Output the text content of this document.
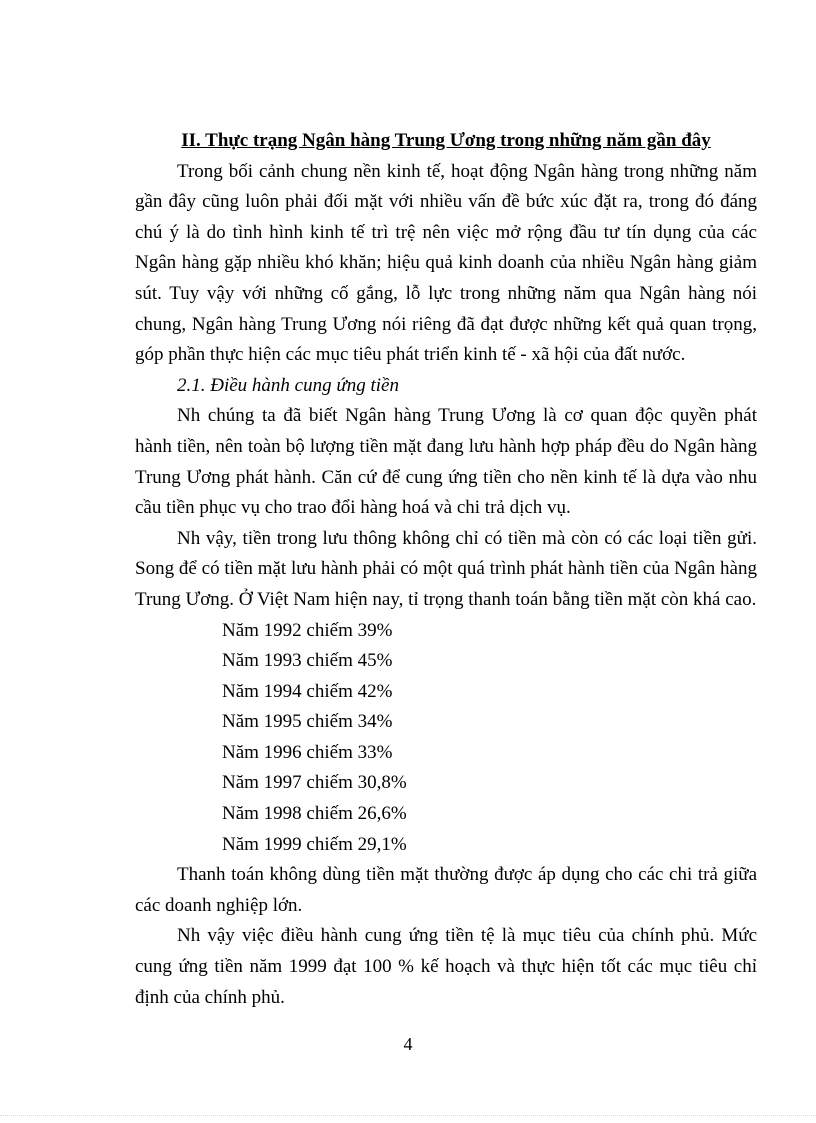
II. Thực trạng Ngân hàng Trung Ương trong những năm gần đây

Trong bối cảnh chung nền kinh tế, hoạt động Ngân hàng trong những năm gần đây cũng luôn phải đối mặt với nhiều vấn đề bức xúc đặt ra, trong đó đáng chú ý là do tình hình kinh tế trì trệ nên việc mở rộng đầu tư tín dụng của các Ngân hàng gặp nhiều khó khăn; hiệu quả kinh doanh của nhiều Ngân hàng giảm sút. Tuy vậy với những cố gắng, lỗ lực trong những năm qua Ngân hàng nói chung, Ngân hàng Trung Ương nói riêng đã đạt được những kết quả quan trọng, góp phần thực hiện các mục tiêu phát triển kinh tế - xã hội của đất nước.

2.1. Điều hành cung ứng tiền

Nh chúng ta đã biết Ngân hàng Trung Ương là cơ quan độc quyền phát hành tiền, nên toàn bộ lượng tiền mặt đang lưu hành hợp pháp đều do Ngân hàng Trung Ương phát hành. Căn cứ để cung ứng tiền cho nền kinh tế là dựa vào nhu cầu tiền phục vụ cho trao đổi hàng hoá và chi trả dịch vụ.

Nh vậy, tiền trong lưu thông không chỉ có tiền mà còn có các loại tiền gửi. Song để có tiền mặt lưu hành phải có một quá trình phát hành tiền của Ngân hàng Trung Ương. Ở Việt Nam hiện nay, tỉ trọng thanh toán bằng tiền mặt còn khá cao.

Năm 1992 chiếm 39%
Năm 1993 chiếm 45%
Năm 1994 chiếm 42%
Năm 1995 chiếm 34%
Năm 1996 chiếm 33%
Năm 1997 chiếm 30,8%
Năm 1998 chiếm 26,6%
Năm 1999 chiếm 29,1%

Thanh toán không dùng tiền mặt thường được áp dụng cho các chi trả giữa các doanh nghiệp lớn.

Nh vậy việc điều hành cung ứng tiền tệ là mục tiêu của chính phủ. Mức cung ứng tiền năm 1999 đạt 100 % kế hoạch và thực hiện tốt các mục tiêu chỉ định của chính phủ.

4
